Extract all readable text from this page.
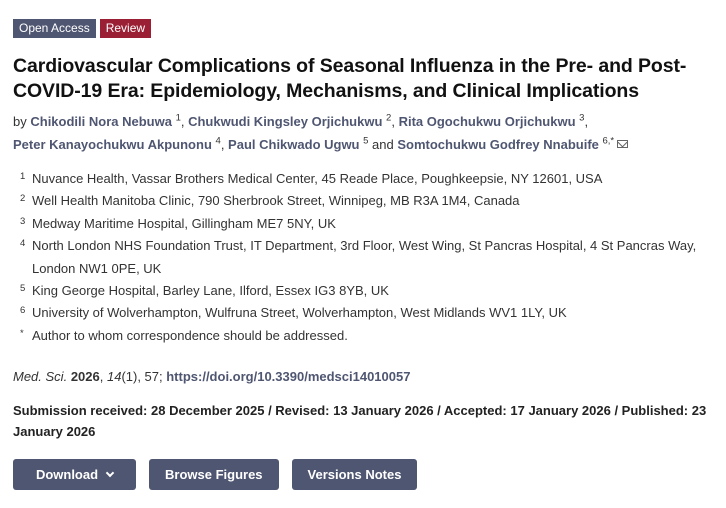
Open Access	Review
Cardiovascular Complications of Seasonal Influenza in the Pre- and Post-COVID-19 Era: Epidemiology, Mechanisms, and Clinical Implications
by Chikodili Nora Nebuwa $^1$, Chukwudi Kingsley Orjichukwu $^2$, Rita Ogochukwu Orjichukwu $^3$,
Peter Kanayochukwu Akpunonu $^4$, Paul Chikwado Ugwu $^5$ and Somtochukwu Godfrey Nnabuife $^{6,*}$
1 Nuvance Health, Vassar Brothers Medical Center, 45 Reade Place, Poughkeepsie, NY 12601, USA
2 Well Health Manitoba Clinic, 790 Sherbrook Street, Winnipeg, MB R3A 1M4, Canada
3 Medway Maritime Hospital, Gillingham ME7 5NY, UK
4 North London NHS Foundation Trust, IT Department, 3rd Floor, West Wing, St Pancras Hospital, 4 St Pancras Way, London NW1 0PE, UK
5 King George Hospital, Barley Lane, Ilford, Essex IG3 8YB, UK
6 University of Wolverhampton, Wulfruna Street, Wolverhampton, West Midlands WV1 1LY, UK
* Author to whom correspondence should be addressed.
Med. Sci. 2026, 14(1), 57; https://doi.org/10.3390/medsci14010057
Submission received: 28 December 2025 / Revised: 13 January 2026 / Accepted: 17 January 2026 / Published: 23 January 2026
Download	Browse Figures	Versions Notes
